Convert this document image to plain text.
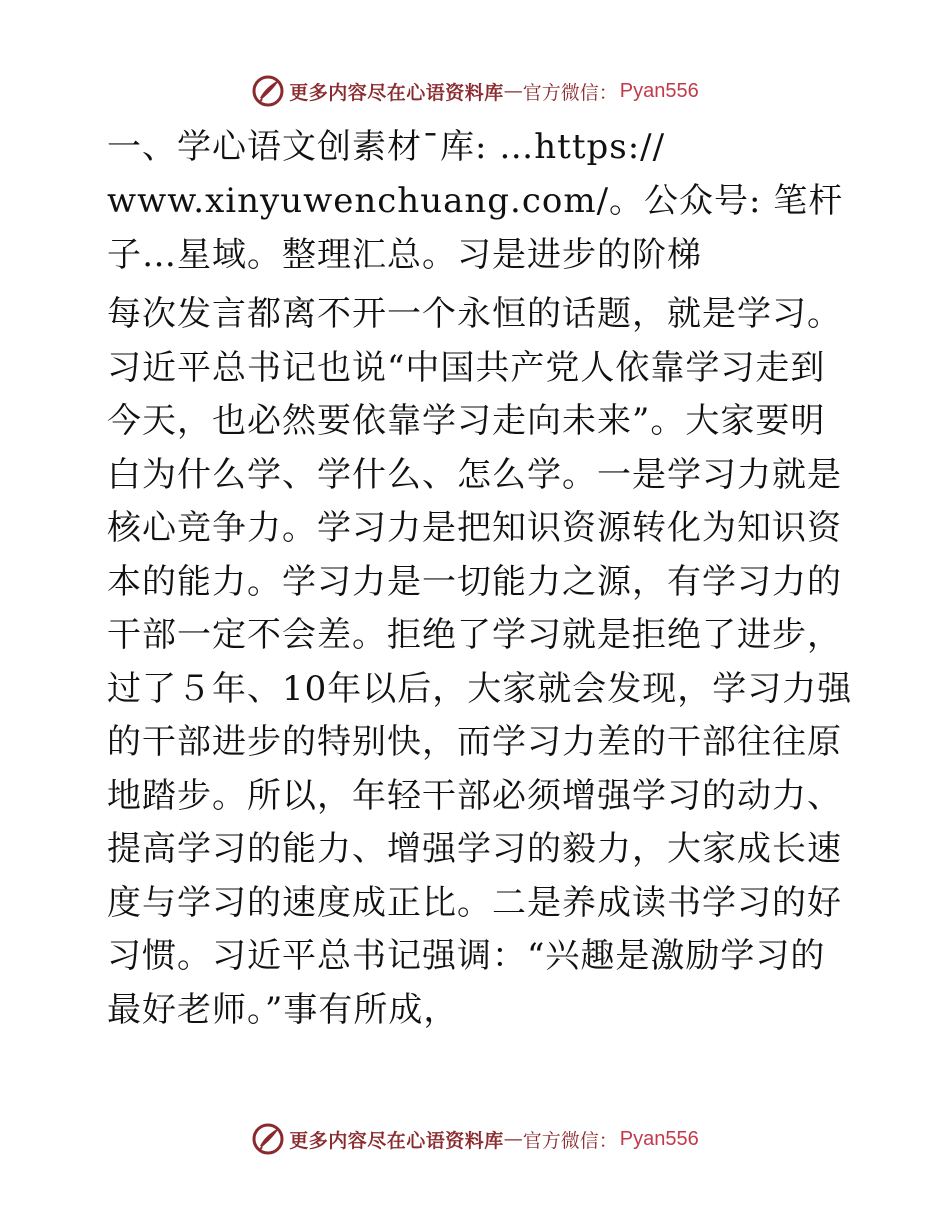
更多内容尽在心语资料库 — 官方微信： Pyan556

一、学心语文创素材¯库: …https:// www.xinyuwenchuang.com/。公众号: 笔杆子…星域。整理汇总。习是进步的阶梯

每次发言都离不开一个永恒的话题，就是学习。习近平总书记也说“中国共产党人依靠学习走到今天，也必然要依靠学习走向未来”。大家要明白为什么学、学什么、怎么学。一是学习力就是核心竞争力。学习力是把知识资源转化为知识资本的能力。学习力是一切能力之源，有学习力的干部一定不会差。拒绝了学习就是拒绝了进步，过了５年、10年以后，大家就会发现，学习力强的干部进步的特别快，而学习力差的干部往往原地踏步。所以，年轻干部必须增强学习的动力、提高学习的能力、增强学习的毅力，大家成长速度与学习的速度成正比。二是养成读书学习的好习惯。习近平总书记强调：“兴趣是激励学习的最好老师。”事有所成，

更多内容尽在心语资料库 — 官方微信： Pyan556
